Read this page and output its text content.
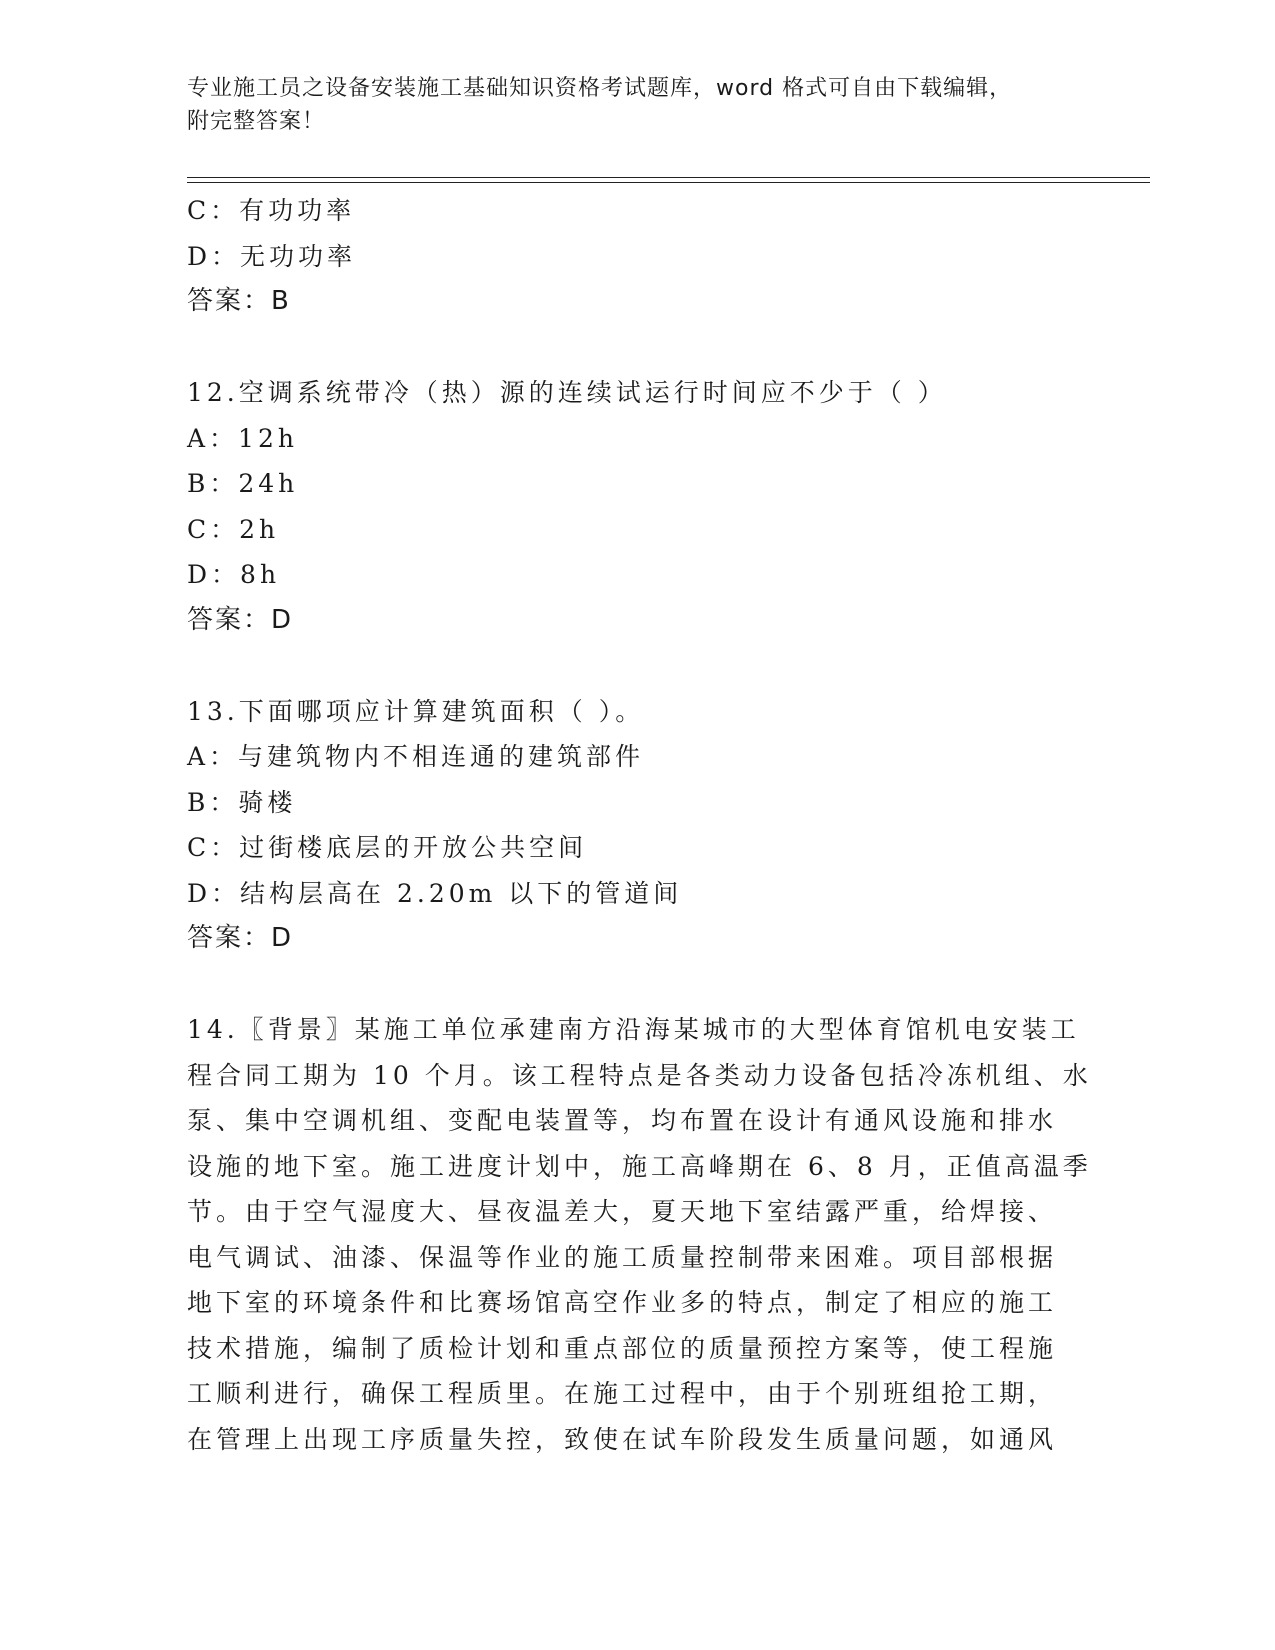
专业施工员之设备安装施工基础知识资格考试题库，word 格式可自由下载编辑，
附完整答案！
C：有功功率
D：无功功率
答案：B
12.空调系统带冷（热）源的连续试运行时间应不少于（ ）
A：12h
B：24h
C：2h
D：8h
答案：D
13.下面哪项应计算建筑面积（ ）。
A：与建筑物内不相连通的建筑部件
B：骑楼
C：过街楼底层的开放公共空间
D：结构层高在 2.20m 以下的管道间
答案：D
14.〖背景〗某施工单位承建南方沿海某城市的大型体育馆机电安装工
程合同工期为 10 个月。该工程特点是各类动力设备包括冷冻机组、水
泵、集中空调机组、变配电装置等，均布置在设计有通风设施和排水
设施的地下室。施工进度计划中，施工高峰期在 6、8 月，正值高温季
节。由于空气湿度大、昼夜温差大，夏天地下室结露严重，给焊接、
电气调试、油漆、保温等作业的施工质量控制带来困难。项目部根据
地下室的环境条件和比赛场馆高空作业多的特点，制定了相应的施工
技术措施，编制了质检计划和重点部位的质量预控方案等，使工程施
工顺利进行，确保工程质里。在施工过程中，由于个别班组抢工期，
在管理上出现工序质量失控，致使在试车阶段发生质量问题，如通风
